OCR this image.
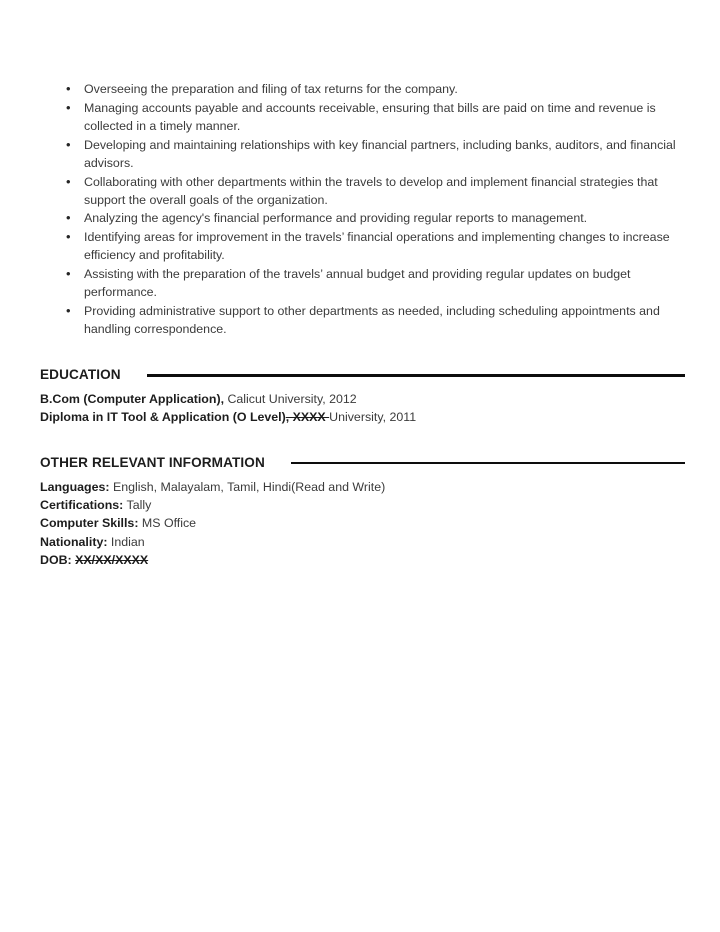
•	Overseeing the preparation and filing of tax returns for the company.
•	Managing accounts payable and accounts receivable, ensuring that bills are paid on time and revenue is collected in a timely manner.
•	Developing and maintaining relationships with key financial partners, including banks, auditors, and financial advisors.
•	Collaborating with other departments within the travels to develop and implement financial strategies that support the overall goals of the organization.
•	Analyzing the agency's financial performance and providing regular reports to management.
•	Identifying areas for improvement in the travels’ financial operations and implementing changes to increase efficiency and profitability.
•	Assisting with the preparation of the travels’ annual budget and providing regular updates on budget performance.
•	Providing administrative support to other departments as needed, including scheduling appointments and handling correspondence.
EDUCATION
B.Com (Computer Application), Calicut University, 2012
Diploma in IT Tool & Application (O Level), XXXX University, 2011
OTHER RELEVANT INFORMATION
Languages: English, Malayalam, Tamil, Hindi(Read and Write)
Certifications: Tally
Computer Skills: MS Office
Nationality: Indian
DOB: XX/XX/XXXX
